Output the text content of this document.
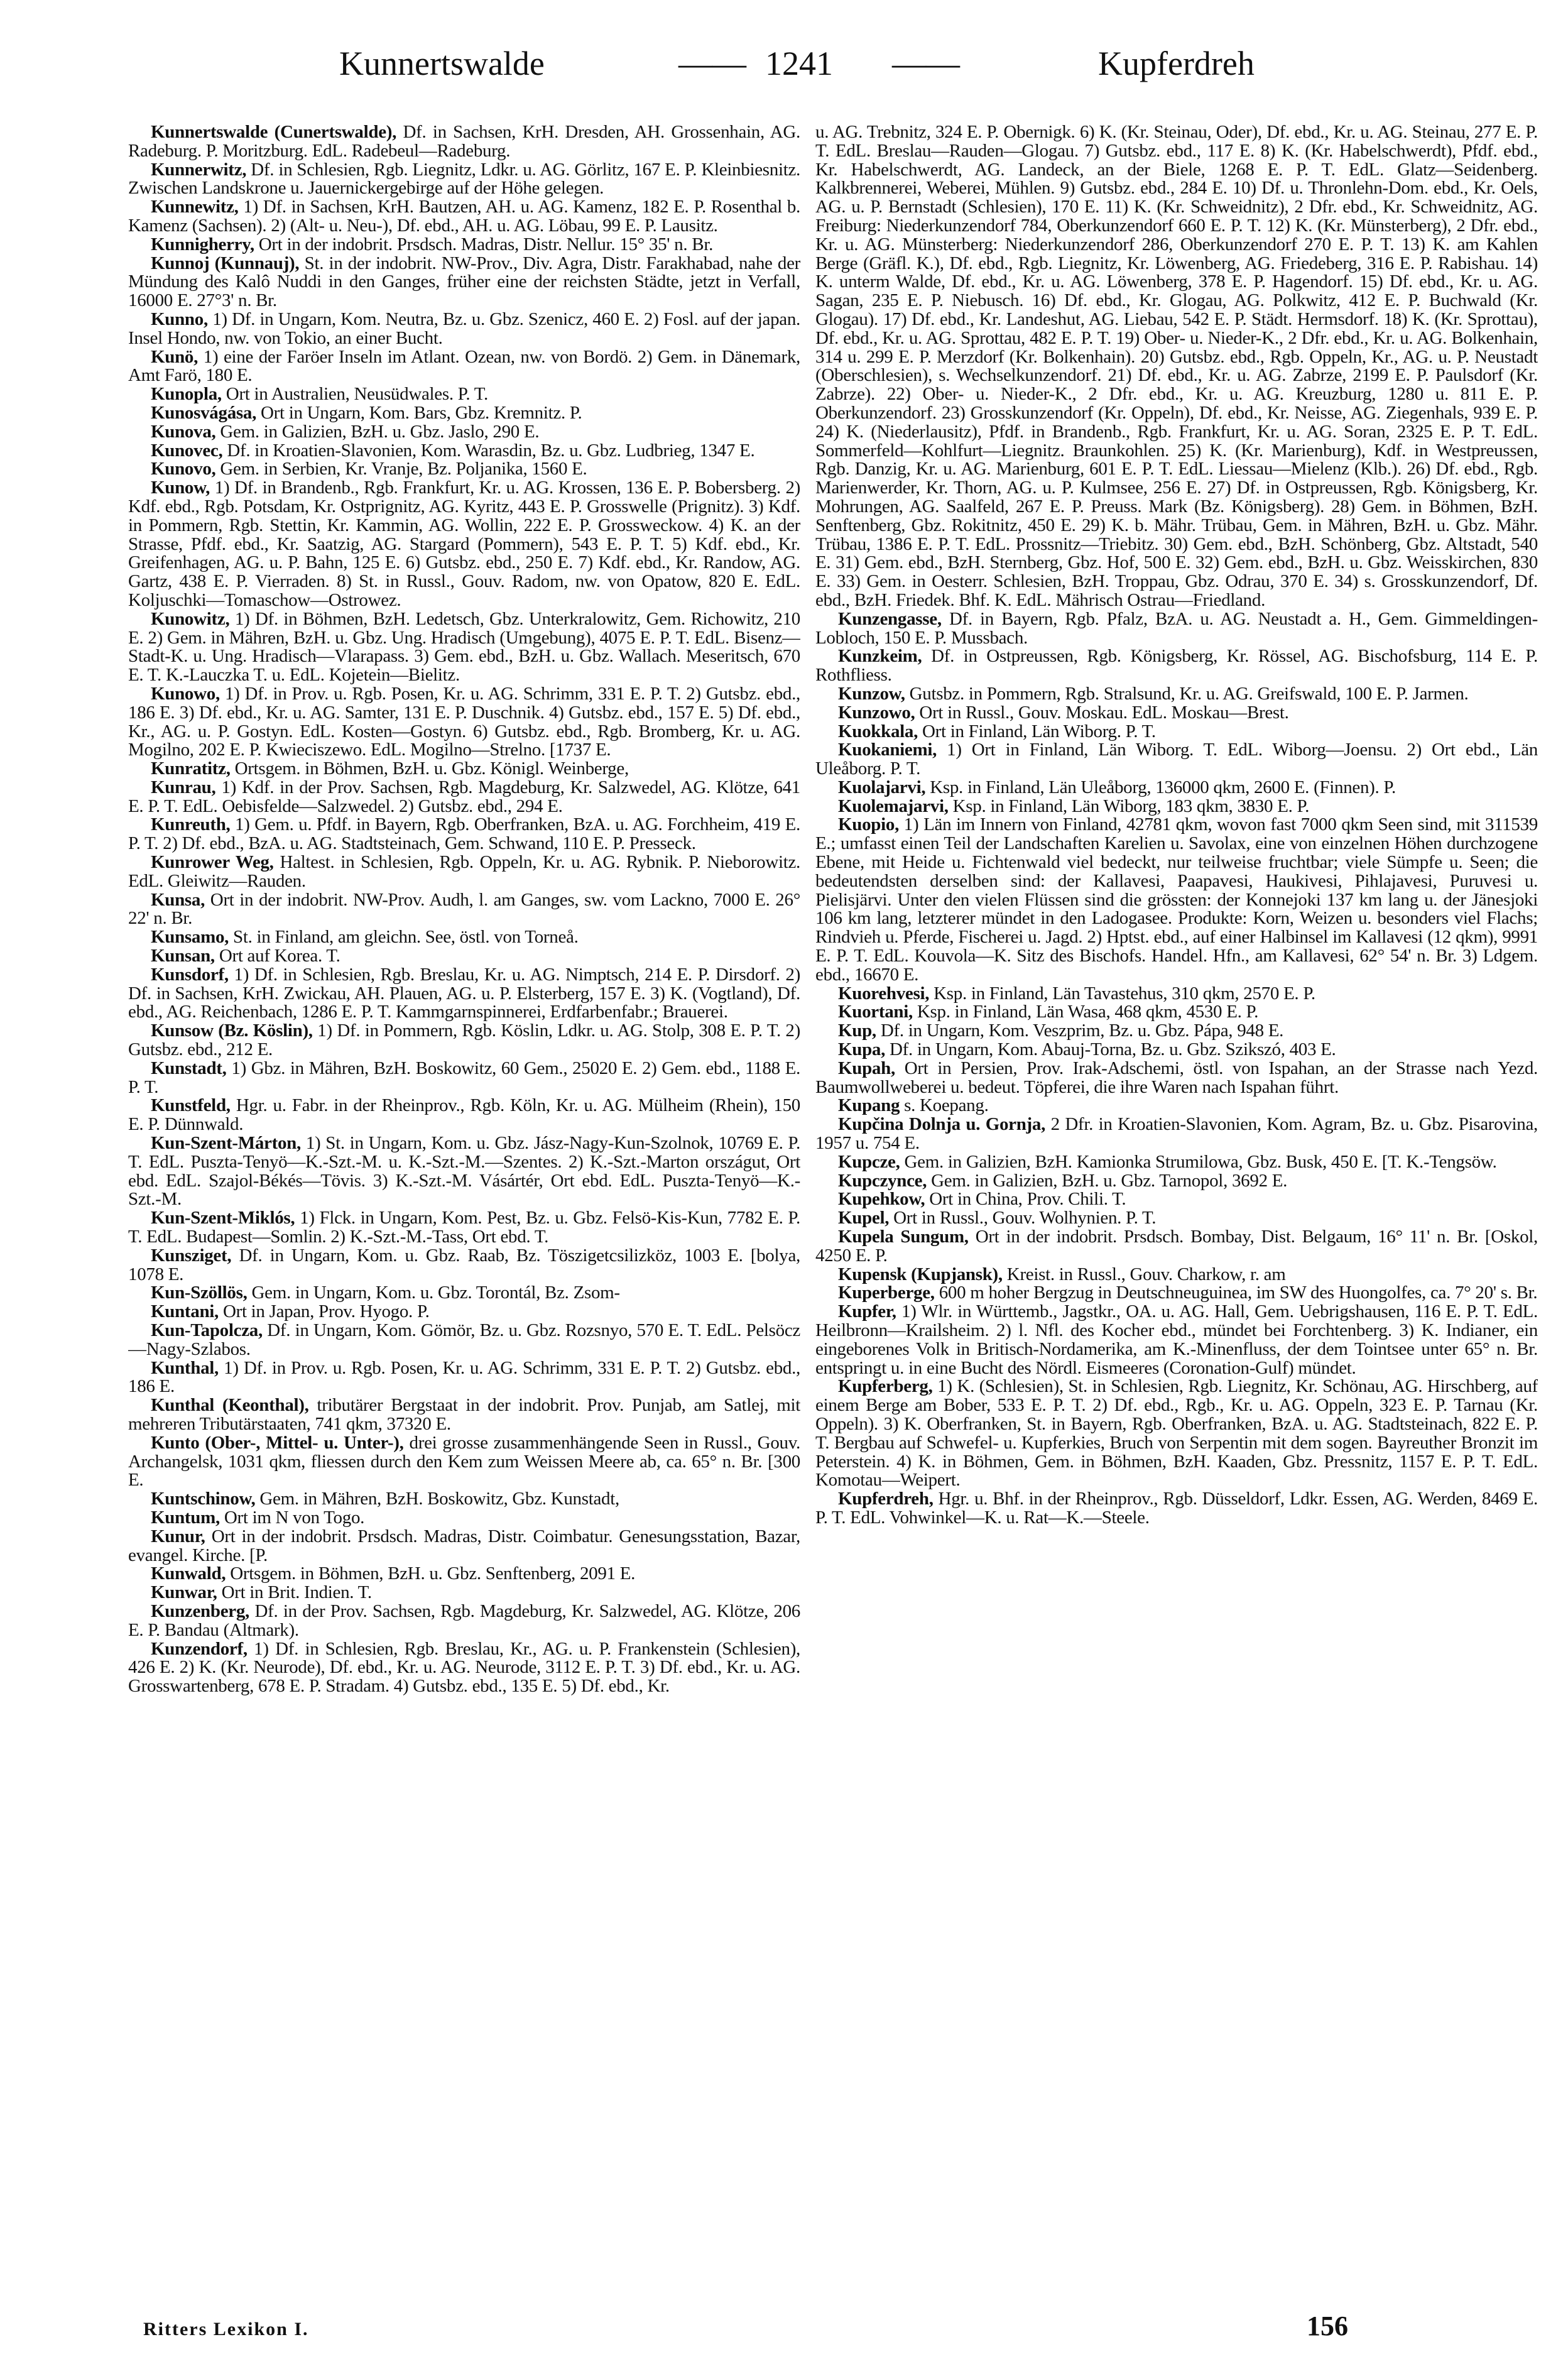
Kunnertswalde	—— 1241 ——	Kupferdreh

Kunnertswalde (Cunertswalde), Df. in Sachsen, KrH. Dresden, AH. Grossenhain, AG. Radeburg. P. Moritzburg. EdL. Radebeul—Radeburg.

Kunnerwitz, Df. in Schlesien, Rgb. Liegnitz, Ldkr. u. AG. Görlitz, 167 E. P. Kleinbiesnitz. Zwischen Landskrone u. Jauernickergebirge auf der Höhe gelegen.

Kunnewitz, 1) Df. in Sachsen, KrH. Bautzen, AH. u. AG. Kamenz, 182 E. P. Rosenthal b. Kamenz (Sachsen). 2) (Alt- u. Neu-), Df. ebd., AH. u. AG. Löbau, 99 E. P. Lausitz.

Kunnigherry, Ort in der indobrit. Prsdsch. Madras, Distr. Nellur. 15° 35' n. Br.

Kunnoj (Kunnauj), St. in der indobrit. NW-Prov., Div. Agra, Distr. Farakhabad, nahe der Mündung des Kalô Nuddi in den Ganges, früher eine der reichsten Städte, jetzt in Verfall, 16000 E. 27°3' n. Br.

Kunno, 1) Df. in Ungarn, Kom. Neutra, Bz. u. Gbz. Szenicz, 460 E. 2) Fosl. auf der japan. Insel Hondo, nw. von Tokio, an einer Bucht.

Kunö, 1) eine der Faröer Inseln im Atlant. Ozean, nw. von Bordö. 2) Gem. in Dänemark, Amt Farö, 180 E.

Kunopla, Ort in Australien, Neusüdwales. P. T.

Kunosvágása, Ort in Ungarn, Kom. Bars, Gbz. Kremnitz. P.

Kunova, Gem. in Galizien, BzH. u. Gbz. Jaslo, 290 E.

Kunovec, Df. in Kroatien-Slavonien, Kom. Warasdin, Bz. u. Gbz. Ludbrieg, 1347 E.

Kunovo, Gem. in Serbien, Kr. Vranje, Bz. Poljanika, 1560 E.

Kunow, 1) Df. in Brandenb., Rgb. Frankfurt, Kr. u. AG. Krossen, 136 E. P. Bobersberg. 2) Kdf. ebd., Rgb. Potsdam, Kr. Ostprignitz, AG. Kyritz, 443 E. P. Grosswelle (Prignitz). 3) Kdf. in Pommern, Rgb. Stettin, Kr. Kammin, AG. Wollin, 222 E. P. Grossweckow. 4) K. an der Strasse, Pfdf. ebd., Kr. Saatzig, AG. Stargard (Pommern), 543 E. P. T. 5) Kdf. ebd., Kr. Greifenhagen, AG. u. P. Bahn, 125 E. 6) Gutsbz. ebd., 250 E. 7) Kdf. ebd., Kr. Randow, AG. Gartz, 438 E. P. Vierraden. 8) St. in Russl., Gouv. Radom, nw. von Opatow, 820 E. EdL. Koljuschki—Tomaschow—Ostrowez.

Kunowitz, 1) Df. in Böhmen, BzH. Ledetsch, Gbz. Unterkralowitz, Gem. Richowitz, 210 E. 2) Gem. in Mähren, BzH. u. Gbz. Ung. Hradisch (Umgebung), 4075 E. P. T. EdL. Bisenz—Stadt-K. u. Ung. Hradisch—Vlarapass. 3) Gem. ebd., BzH. u. Gbz. Wallach. Meseritsch, 670 E. T. K.-Lauczka T. u. EdL. Kojetein—Bielitz.

Kunowo, 1) Df. in Prov. u. Rgb. Posen, Kr. u. AG. Schrimm, 331 E. P. T. 2) Gutsbz. ebd., 186 E. 3) Df. ebd., Kr. u. AG. Samter, 131 E. P. Duschnik. 4) Gutsbz. ebd., 157 E. 5) Df. ebd., Kr., AG. u. P. Gostyn. EdL. Kosten—Gostyn. 6) Gutsbz. ebd., Rgb. Bromberg, Kr. u. AG. Mogilno, 202 E. P. Kwieciszewo. EdL. Mogilno—Strelno. [1737 E.

Kunratitz, Ortsgem. in Böhmen, BzH. u. Gbz. Königl. Weinberge,

Kunrau, 1) Kdf. in der Prov. Sachsen, Rgb. Magdeburg, Kr. Salzwedel, AG. Klötze, 641 E. P. T. EdL. Oebisfelde—Salzwedel. 2) Gutsbz. ebd., 294 E.

Kunreuth, 1) Gem. u. Pfdf. in Bayern, Rgb. Oberfranken, BzA. u. AG. Forchheim, 419 E. P. T. 2) Df. ebd., BzA. u. AG. Stadtsteinach, Gem. Schwand, 110 E. P. Presseck.

Kunrower Weg, Haltest. in Schlesien, Rgb. Oppeln, Kr. u. AG. Rybnik. P. Nieborowitz. EdL. Gleiwitz—Rauden.

Kunsa, Ort in der indobrit. NW-Prov. Audh, l. am Ganges, sw. vom Lackno, 7000 E. 26° 22' n. Br.

Kunsamo, St. in Finland, am gleichn. See, östl. von Torneå.

Kunsan, Ort auf Korea. T.

Kunsdorf, 1) Df. in Schlesien, Rgb. Breslau, Kr. u. AG. Nimptsch, 214 E. P. Dirsdorf. 2) Df. in Sachsen, KrH. Zwickau, AH. Plauen, AG. u. P. Elsterberg, 157 E. 3) K. (Vogtland), Df. ebd., AG. Reichenbach, 1286 E. P. T. Kammgarnspinnerei, Erdfarbenfabr.; Brauerei.

Kunsow (Bz. Köslin), 1) Df. in Pommern, Rgb. Köslin, Ldkr. u. AG. Stolp, 308 E. P. T. 2) Gutsbz. ebd., 212 E.

Kunstadt, 1) Gbz. in Mähren, BzH. Boskowitz, 60 Gem., 25020 E. 2) Gem. ebd., 1188 E. P. T.

Kunstfeld, Hgr. u. Fabr. in der Rheinprov., Rgb. Köln, Kr. u. AG. Mülheim (Rhein), 150 E. P. Dünnwald.

Kun-Szent-Márton, 1) St. in Ungarn, Kom. u. Gbz. Jász-Nagy-Kun-Szolnok, 10769 E. P. T. EdL. Puszta-Tenyö—K.-Szt.-M. u. K.-Szt.-M.—Szentes. 2) K.-Szt.-Marton országut, Ort ebd. EdL. Szajol-Békés—Tövis. 3) K.-Szt.-M. Vásártér, Ort ebd. EdL. Puszta-Tenyö—K.-Szt.-M.

Kun-Szent-Miklós, 1) Flck. in Ungarn, Kom. Pest, Bz. u. Gbz. Felsö-Kis-Kun, 7782 E. P. T. EdL. Budapest—Somlin. 2) K.-Szt.-M.-Tass, Ort ebd. T.

Kunsziget, Df. in Ungarn, Kom. u. Gbz. Raab, Bz. Töszigetcsilizköz, 1003 E. [bolya, 1078 E.

Kun-Szöllös, Gem. in Ungarn, Kom. u. Gbz. Torontál, Bz. Zsom-

Kuntani, Ort in Japan, Prov. Hyogo. P.

Kun-Tapolcza, Df. in Ungarn, Kom. Gömör, Bz. u. Gbz. Rozsnyo, 570 E. T. EdL. Pelsöcz—Nagy-Szlabos.

Kunthal, 1) Df. in Prov. u. Rgb. Posen, Kr. u. AG. Schrimm, 331 E. P. T. 2) Gutsbz. ebd., 186 E.

Kunthal (Keonthal), tributärer Bergstaat in der indobrit. Prov. Punjab, am Satlej, mit mehreren Tributärstaaten, 741 qkm, 37320 E.

Kunto (Ober-, Mittel- u. Unter-), drei grosse zusammenhängende Seen in Russl., Gouv. Archangelsk, 1031 qkm, fliessen durch den Kem zum Weissen Meere ab, ca. 65° n. Br. [300 E.

Kuntschinow, Gem. in Mähren, BzH. Boskowitz, Gbz. Kunstadt,

Kuntum, Ort im N von Togo.

Kunur, Ort in der indobrit. Prsdsch. Madras, Distr. Coimbatur. Genesungsstation, Bazar, evangel. Kirche. [P.

Kunwald, Ortsgem. in Böhmen, BzH. u. Gbz. Senftenberg, 2091 E.

Kunwar, Ort in Brit. Indien. T.

Kunzenberg, Df. in der Prov. Sachsen, Rgb. Magdeburg, Kr. Salzwedel, AG. Klötze, 206 E. P. Bandau (Altmark).

Kunzendorf, 1) Df. in Schlesien, Rgb. Breslau, Kr., AG. u. P. Frankenstein (Schlesien), 426 E. 2) K. (Kr. Neurode), Df. ebd., Kr. u. AG. Neurode, 3112 E. P. T. 3) Df. ebd., Kr. u. AG. Grosswartenberg, 678 E. P. Stradam. 4) Gutsbz. ebd., 135 E. 5) Df. ebd., Kr.

u. AG. Trebnitz, 324 E. P. Obernigk. 6) K. (Kr. Steinau, Oder), Df. ebd., Kr. u. AG. Steinau, 277 E. P. T. EdL. Breslau—Rauden—Glogau. 7) Gutsbz. ebd., 117 E. 8) K. (Kr. Habelschwerdt), Pfdf. ebd., Kr. Habelschwerdt, AG. Landeck, an der Biele, 1268 E. P. T. EdL. Glatz—Seidenberg. Kalkbrennerei, Weberei, Mühlen. 9) Gutsbz. ebd., 284 E. 10) Df. u. Thronlehn-Dom. ebd., Kr. Oels, AG. u. P. Bernstadt (Schlesien), 170 E. 11) K. (Kr. Schweidnitz), 2 Dfr. ebd., Kr. Schweidnitz, AG. Freiburg: Niederkunzendorf 784, Oberkunzendorf 660 E. P. T. 12) K. (Kr. Münsterberg), 2 Dfr. ebd., Kr. u. AG. Münsterberg: Niederkunzendorf 286, Oberkunzendorf 270 E. P. T. 13) K. am Kahlen Berge (Gräfl. K.), Df. ebd., Rgb. Liegnitz, Kr. Löwenberg, AG. Friedeberg, 316 E. P. Rabishau. 14) K. unterm Walde, Df. ebd., Kr. u. AG. Löwenberg, 378 E. P. Hagendorf. 15) Df. ebd., Kr. u. AG. Sagan, 235 E. P. Niebusch. 16) Df. ebd., Kr. Glogau, AG. Polkwitz, 412 E. P. Buchwald (Kr. Glogau). 17) Df. ebd., Kr. Landeshut, AG. Liebau, 542 E. P. Städt. Hermsdorf. 18) K. (Kr. Sprottau), Df. ebd., Kr. u. AG. Sprottau, 482 E. P. T. 19) Ober- u. Nieder-K., 2 Dfr. ebd., Kr. u. AG. Bolkenhain, 314 u. 299 E. P. Merzdorf (Kr. Bolkenhain). 20) Gutsbz. ebd., Rgb. Oppeln, Kr., AG. u. P. Neustadt (Oberschlesien), s. Wechselkunzendorf. 21) Df. ebd., Kr. u. AG. Zabrze, 2199 E. P. Paulsdorf (Kr. Zabrze). 22) Ober- u. Nieder-K., 2 Dfr. ebd., Kr. u. AG. Kreuzburg, 1280 u. 811 E. P. Oberkunzendorf. 23) Grosskunzendorf (Kr. Oppeln), Df. ebd., Kr. Neisse, AG. Ziegenhals, 939 E. P. 24) K. (Niederlausitz), Pfdf. in Brandenb., Rgb. Frankfurt, Kr. u. AG. Soran, 2325 E. P. T. EdL. Sommerfeld—Kohlfurt—Liegnitz. Braunkohlen. 25) K. (Kr. Marienburg), Kdf. in Westpreussen, Rgb. Danzig, Kr. u. AG. Marienburg, 601 E. P. T. EdL. Liessau—Mielenz (Klb.). 26) Df. ebd., Rgb. Marienwerder, Kr. Thorn, AG. u. P. Kulmsee, 256 E. 27) Df. in Ostpreussen, Rgb. Königsberg, Kr. Mohrungen, AG. Saalfeld, 267 E. P. Preuss. Mark (Bz. Königsberg). 28) Gem. in Böhmen, BzH. Senftenberg, Gbz. Rokitnitz, 450 E. 29) K. b. Mähr. Trübau, Gem. in Mähren, BzH. u. Gbz. Mähr. Trübau, 1386 E. P. T. EdL. Prossnitz—Triebitz. 30) Gem. ebd., BzH. Schönberg, Gbz. Altstadt, 540 E. 31) Gem. ebd., BzH. Sternberg, Gbz. Hof, 500 E. 32) Gem. ebd., BzH. u. Gbz. Weisskirchen, 830 E. 33) Gem. in Oesterr. Schlesien, BzH. Troppau, Gbz. Odrau, 370 E. 34) s. Grosskunzendorf, Df. ebd., BzH. Friedek. Bhf. K. EdL. Mährisch Ostrau—Friedland.

Kunzengasse, Df. in Bayern, Rgb. Pfalz, BzA. u. AG. Neustadt a. H., Gem. Gimmeldingen-Lobloch, 150 E. P. Mussbach.

Kunzkeim, Df. in Ostpreussen, Rgb. Königsberg, Kr. Rössel, AG. Bischofsburg, 114 E. P. Rothfliess.

Kunzow, Gutsbz. in Pommern, Rgb. Stralsund, Kr. u. AG. Greifswald, 100 E. P. Jarmen.

Kunzowo, Ort in Russl., Gouv. Moskau. EdL. Moskau—Brest.

Kuokkala, Ort in Finland, Län Wiborg. P. T.

Kuokaniemi, 1) Ort in Finland, Län Wiborg. T. EdL. Wiborg—Joensu. 2) Ort ebd., Län Uleåborg. P. T.

Kuolajarvi, Ksp. in Finland, Län Uleåborg, 136000 qkm, 2600 E. (Finnen). P.

Kuolemajarvi, Ksp. in Finland, Län Wiborg, 183 qkm, 3830 E. P.

Kuopio, 1) Län im Innern von Finland, 42781 qkm, wovon fast 7000 qkm Seen sind, mit 311539 E.; umfasst einen Teil der Landschaften Karelien u. Savolax, eine von einzelnen Höhen durchzogene Ebene, mit Heide u. Fichtenwald viel bedeckt, nur teilweise fruchtbar; viele Sümpfe u. Seen; die bedeutendsten derselben sind: der Kallavesi, Paapavesi, Haukivesi, Pihlajavesi, Puruvesi u. Pielisjärvi. Unter den vielen Flüssen sind die grössten: der Konnejoki 137 km lang u. der Jänesjoki 106 km lang, letzterer mündet in den Ladogasee. Produkte: Korn, Weizen u. besonders viel Flachs; Rindvieh u. Pferde, Fischerei u. Jagd. 2) Hptst. ebd., auf einer Halbinsel im Kallavesi (12 qkm), 9991 E. P. T. EdL. Kouvola—K. Sitz des Bischofs. Handel. Hfn., am Kallavesi, 62° 54' n. Br. 3) Ldgem. ebd., 16670 E.

Kuorehvesi, Ksp. in Finland, Län Tavastehus, 310 qkm, 2570 E. P.

Kuortani, Ksp. in Finland, Län Wasa, 468 qkm, 4530 E. P.

Kup, Df. in Ungarn, Kom. Veszprim, Bz. u. Gbz. Pápa, 948 E.

Kupa, Df. in Ungarn, Kom. Abauj-Torna, Bz. u. Gbz. Szikszó, 403 E.

Kupah, Ort in Persien, Prov. Irak-Adschemi, östl. von Ispahan, an der Strasse nach Yezd. Baumwollweberei u. bedeut. Töpferei, die ihre Waren nach Ispahan führt.

Kupang s. Koepang.

Kupčina Dolnja u. Gornja, 2 Dfr. in Kroatien-Slavonien, Kom. Agram, Bz. u. Gbz. Pisarovina, 1957 u. 754 E.

Kupcze, Gem. in Galizien, BzH. Kamionka Strumilowa, Gbz. Busk, 450 E. [T. K.-Tengsöw.

Kupczynce, Gem. in Galizien, BzH. u. Gbz. Tarnopol, 3692 E.

Kupehkow, Ort in China, Prov. Chili. T.

Kupel, Ort in Russl., Gouv. Wolhynien. P. T.

Kupela Sungum, Ort in der indobrit. Prsdsch. Bombay, Dist. Belgaum, 16° 11' n. Br. [Oskol, 4250 E. P.

Kupensk (Kupjansk), Kreist. in Russl., Gouv. Charkow, r. am

Kuperberge, 600 m hoher Bergzug in Deutschneuguinea, im SW des Huongolfes, ca. 7° 20' s. Br.

Kupfer, 1) Wlr. in Württemb., Jagstkr., OA. u. AG. Hall, Gem. Uebrigshausen, 116 E. P. T. EdL. Heilbronn—Krailsheim. 2) l. Nfl. des Kocher ebd., mündet bei Forchtenberg. 3) K. Indianer, ein eingeborenes Volk in Britisch-Nordamerika, am K.-Minenfluss, der dem Tointsee unter 65° n. Br. entspringt u. in eine Bucht des Nördl. Eismeeres (Coronation-Gulf) mündet.

Kupferberg, 1) K. (Schlesien), St. in Schlesien, Rgb. Liegnitz, Kr. Schönau, AG. Hirschberg, auf einem Berge am Bober, 533 E. P. T. 2) Df. ebd., Rgb., Kr. u. AG. Oppeln, 323 E. P. Tarnau (Kr. Oppeln). 3) K. Oberfranken, St. in Bayern, Rgb. Oberfranken, BzA. u. AG. Stadtsteinach, 822 E. P. T. Bergbau auf Schwefel- u. Kupferkies, Bruch von Serpentin mit dem sogen. Bayreuther Bronzit im Peterstein. 4) K. in Böhmen, Gem. in Böhmen, BzH. Kaaden, Gbz. Pressnitz, 1157 E. P. T. EdL. Komotau—Weipert.

Kupferdreh, Hgr. u. Bhf. in der Rheinprov., Rgb. Düsseldorf, Ldkr. Essen, AG. Werden, 8469 E. P. T. EdL. Vohwinkel—K. u. Rat—K.—Steele.

Ritters Lexikon I.	156
